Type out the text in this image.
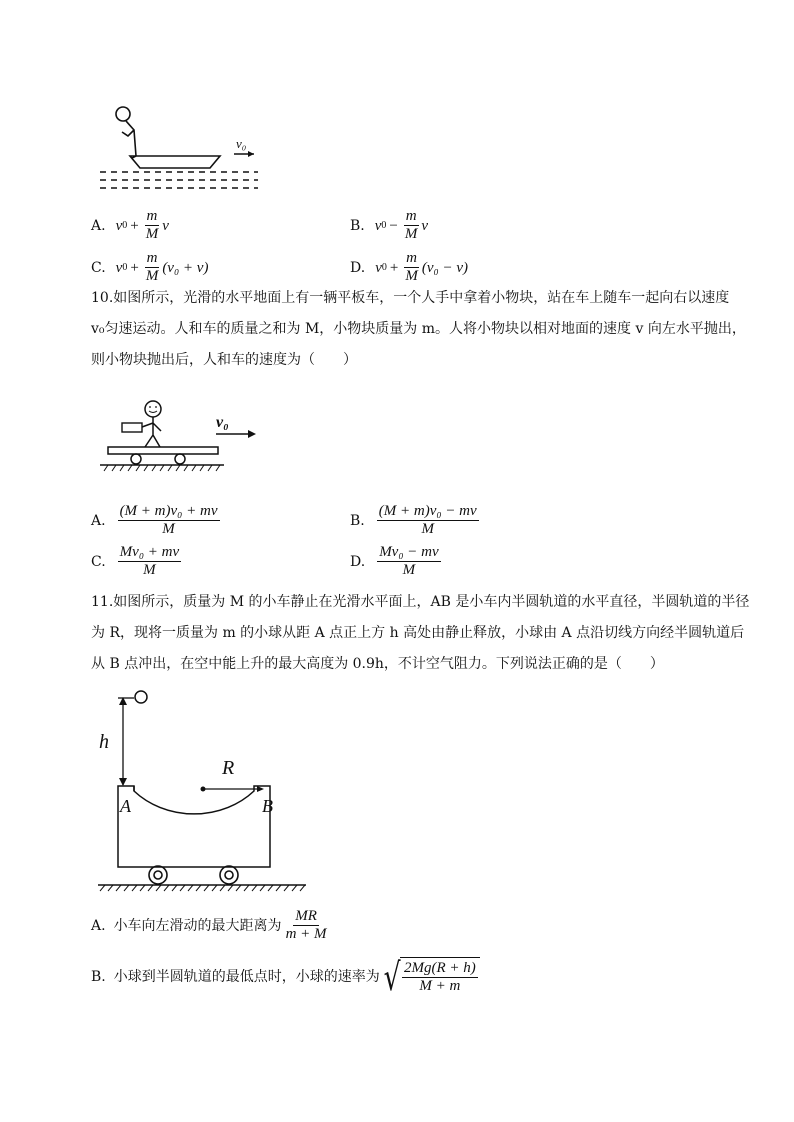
v₀
A. v $0 + \frac{m}{M}$ v	B. v $0 - \frac{m}{M}$ v
C. v $0 + \frac{m}{M} (v_0 + v)$	D. v $0 + \frac{m}{M} (v_0 - v)$
10.如图所示，光滑的水平地面上有一辆平板车，一个人手中拿着小物块，站在车上随车一起向右以速度
v₀匀速运动。人和车的质量之和为 M，小物块质量为 m。人将小物块以相对地面的速度 v 向左水平抛出，
则小物块抛出后，人和车的速度为（　　）
v₀
A. $\frac{\text{(M + m)v₀ + mv}}{M}$	B. $\frac{\text{(M + m)v₀ − mv}}{M}$
C. $\frac{\text{Mv₀ + mv}}{M}$	D. $\frac{\text{Mv₀ − mv}}{M}$
11.如图所示，质量为 M 的小车静止在光滑水平面上，AB 是小车内半圆轨道的水平直径，半圆轨道的半径
为 R，现将一质量为 m 的小球从距 A 点正上方 h 高处由静止释放，小球由 A 点沿切线方向经半圆轨道后
从 B 点冲出，在空中能上升的最大高度为 0.9h，不计空气阻力。下列说法正确的是（　　）
h
R
A	B
A. 小车向左滑动的最大距离为 $\frac{MR}{m + M}$
B. 小球到半圆轨道的最低点时，小球的速率为 √ $\frac{2Mg(R + h)}{M + m}$
